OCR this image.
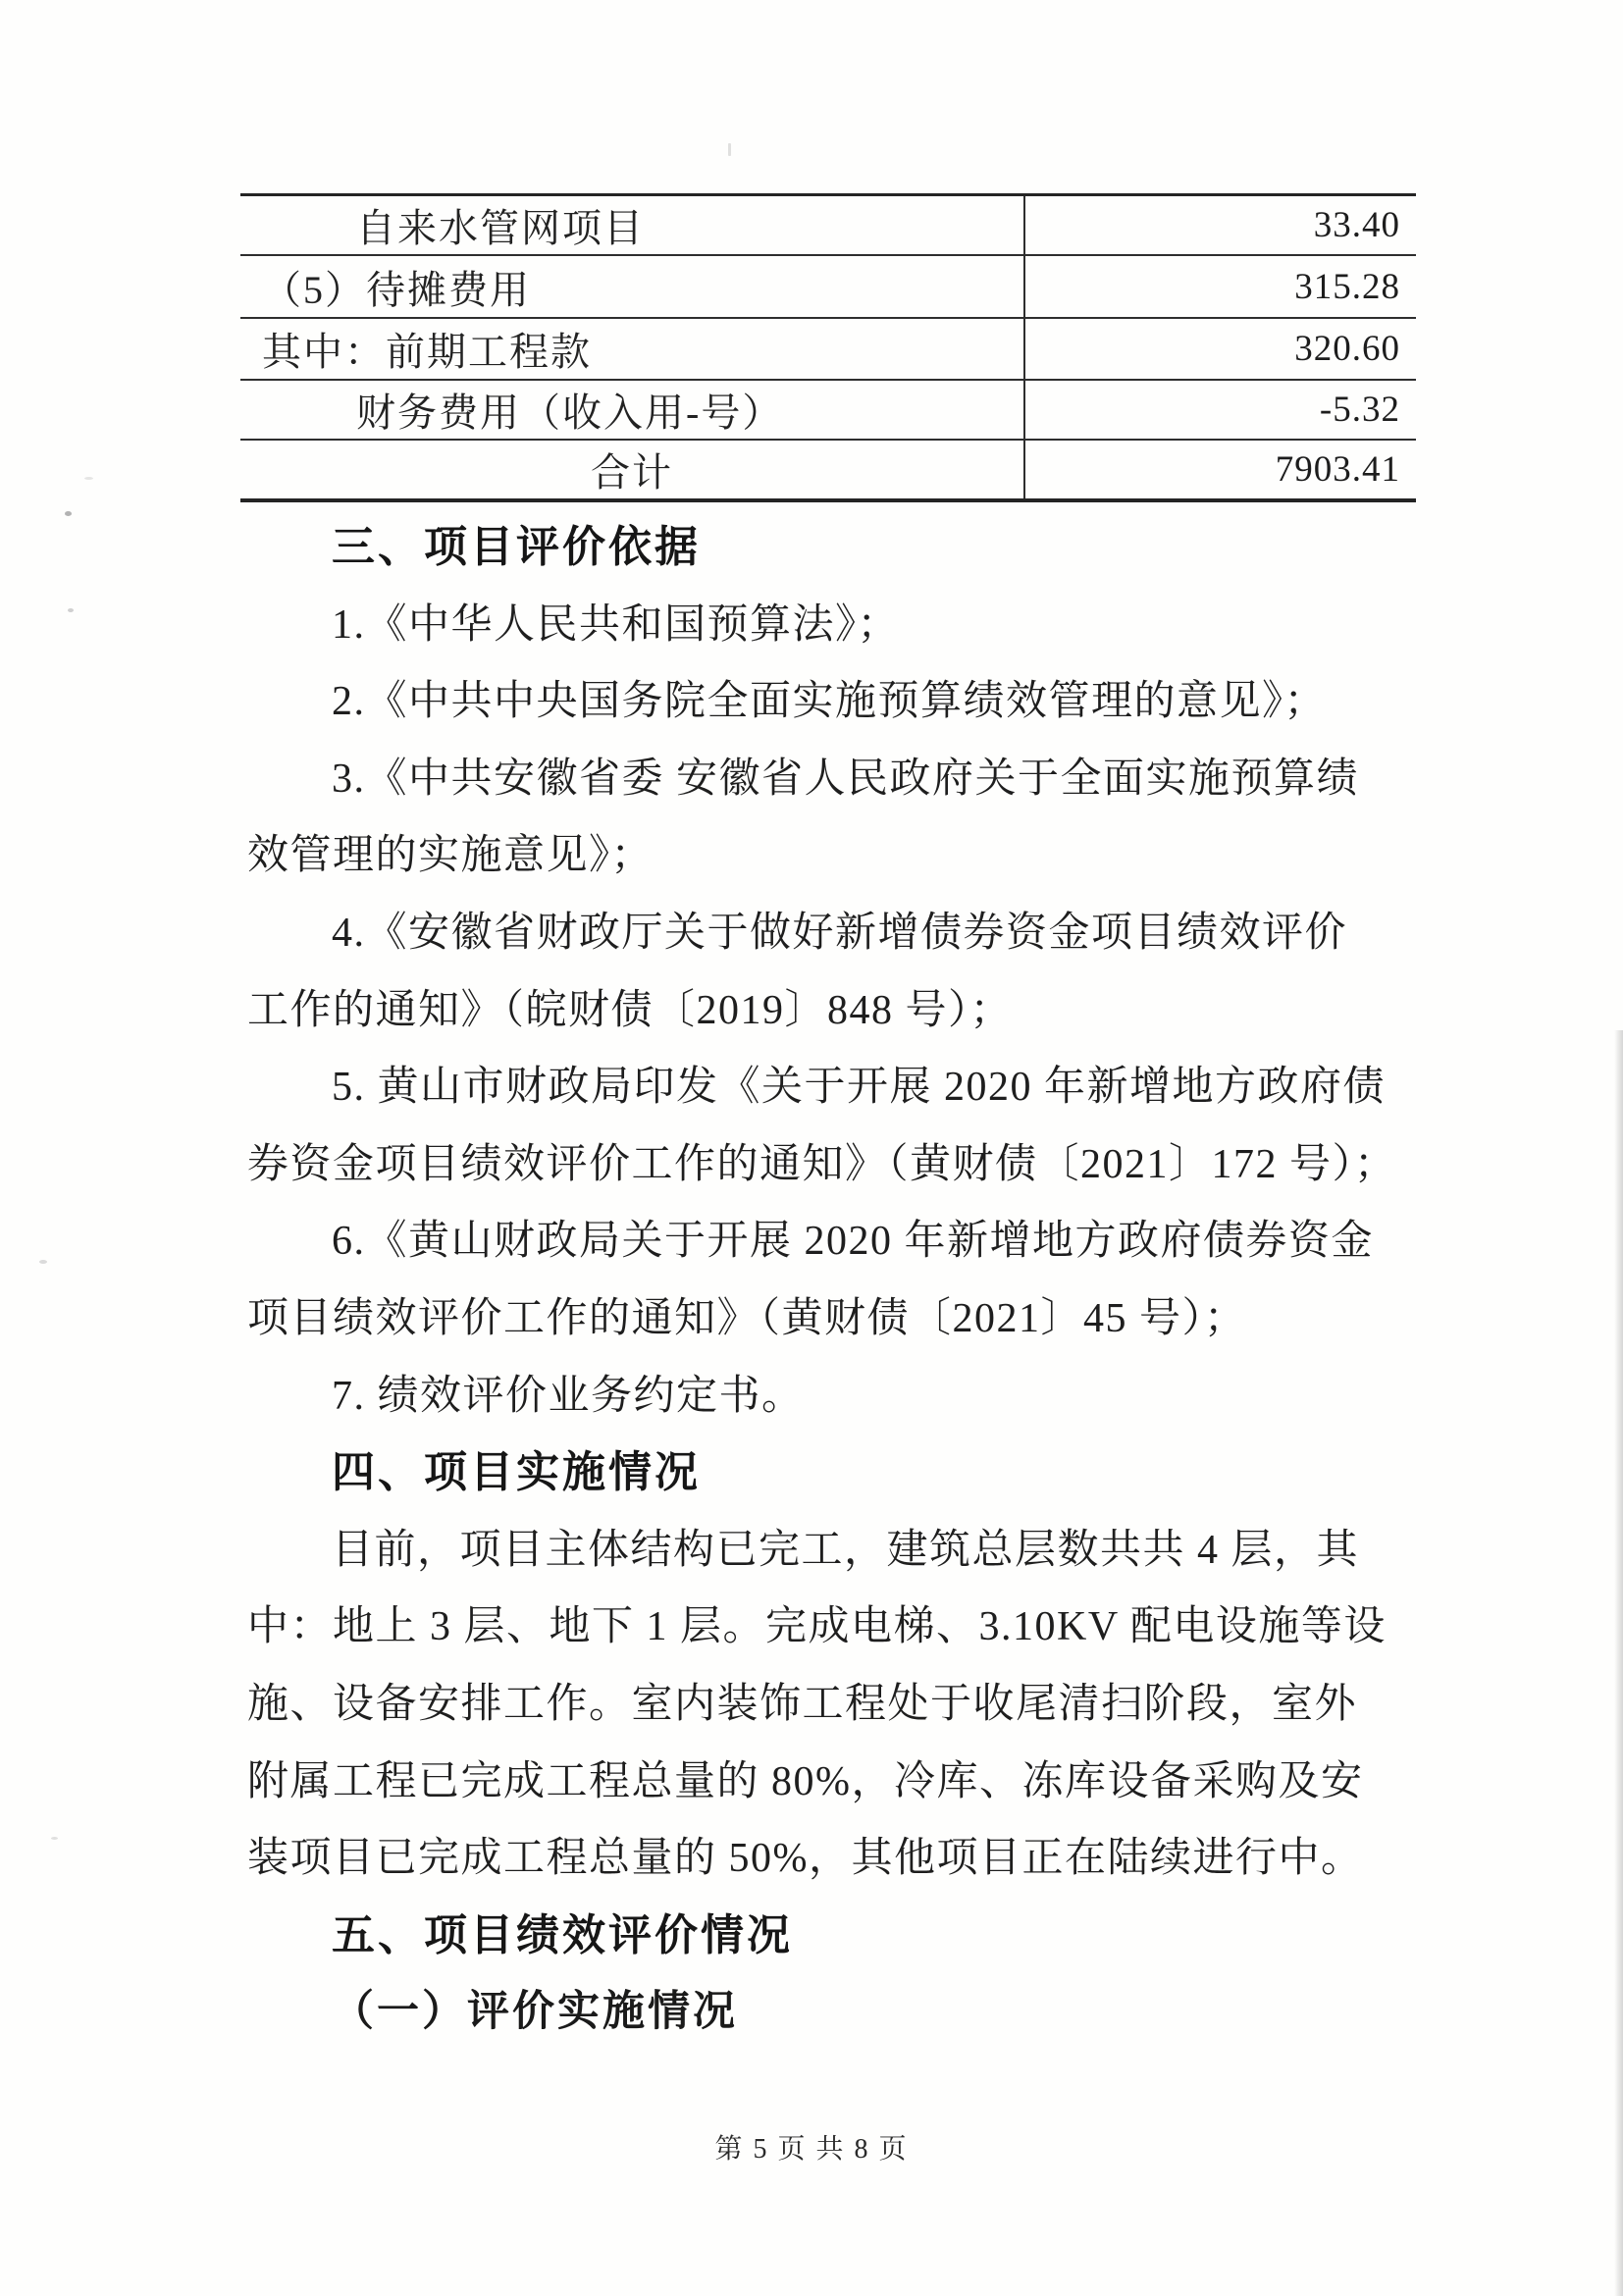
自来水管网项目	33.40
（5）待摊费用	315.28
其中：前期工程款	320.60
财务费用（收入用-号）	-5.32
合计	7903.41
三、项目评价依据
1.《中华人民共和国预算法》；
2.《中共中央国务院全面实施预算绩效管理的意见》；
3.《中共安徽省委 安徽省人民政府关于全面实施预算绩
效管理的实施意见》；
4.《安徽省财政厅关于做好新增债券资金项目绩效评价
工作的通知》（皖财债〔2019〕848 号）；
5. 黄山市财政局印发《关于开展 2020 年新增地方政府债
券资金项目绩效评价工作的通知》（黄财债〔2021〕172 号）；
6.《黄山财政局关于开展 2020 年新增地方政府债券资金
项目绩效评价工作的通知》（黄财债〔2021〕45 号）；
7. 绩效评价业务约定书。
四、项目实施情况
目前，项目主体结构已完工，建筑总层数共共 4 层，其
中：地上 3 层、地下 1 层。完成电梯、3.10KV 配电设施等设
施、设备安排工作。室内装饰工程处于收尾清扫阶段，室外
附属工程已完成工程总量的 80%，冷库、冻库设备采购及安
装项目已完成工程总量的 50%，其他项目正在陆续进行中。
五、项目绩效评价情况
（一）评价实施情况
第 5 页 共 8 页
